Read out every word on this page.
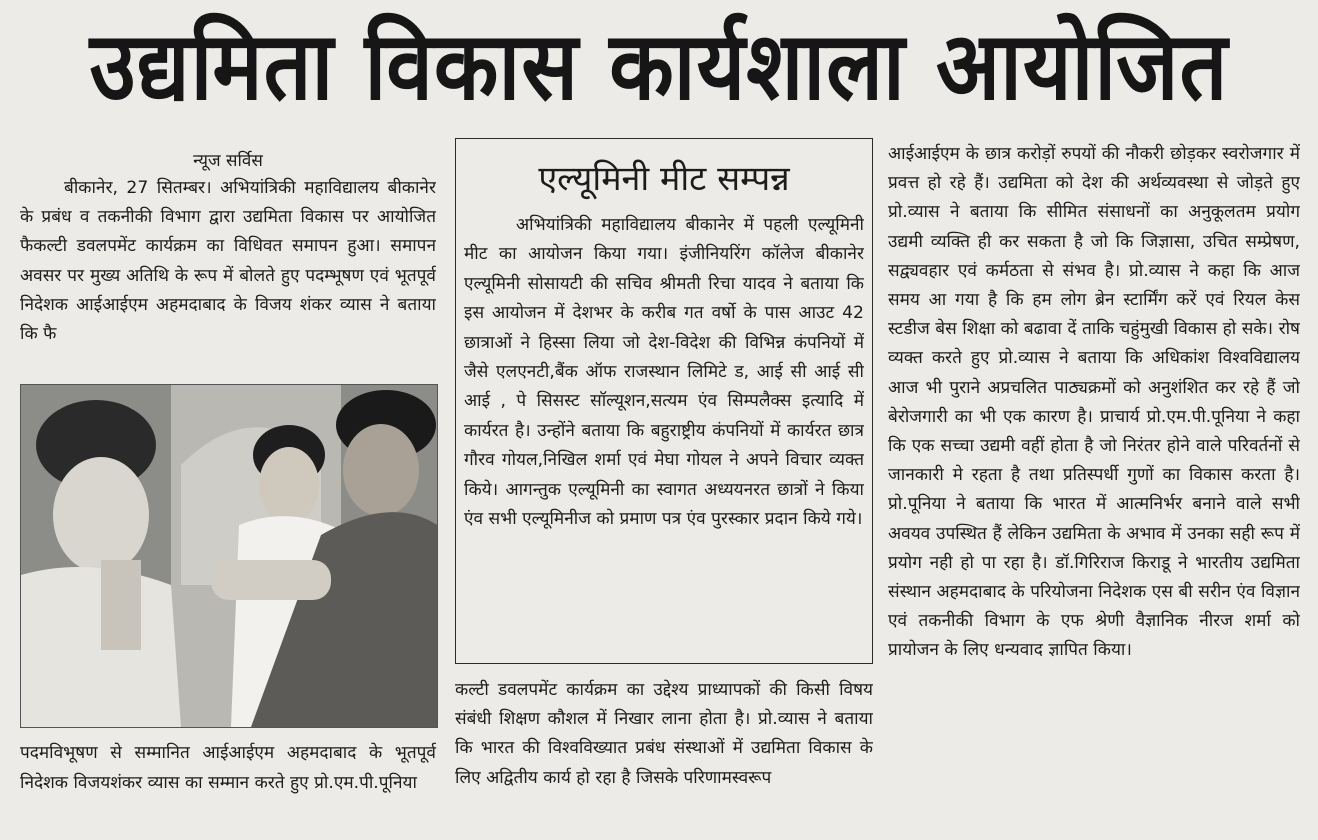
उद्यमिता विकास कार्यशाला आयोजित
न्यूज सर्विस
बीकानेर, 27 सितम्बर। अभियांत्रिकी महाविद्यालय बीकानेर के प्रबंध व तकनीकी विभाग द्वारा उद्यमिता विकास पर आयोजित फैकल्टी डवलपमेंट कार्यक्रम का विधिवत समापन हुआ। समापन अवसर पर मुख्य अतिथि के रूप में बोलते हुए पदम्भूषण एवं भूतपूर्व निदेशक आईआईएम अहमदाबाद के विजय शंकर व्यास ने बताया कि फै
पदमविभूषण से सम्मानित आईआईएम अहमदाबाद के भूतपूर्व निदेशक विजयशंकर व्यास का सम्मान करते हुए प्रो.एम.पी.पूनिया
एल्यूमिनी मीट सम्पन्न
अभियांत्रिकी महाविद्यालय बीकानेर में पहली एल्यूमिनी मीट का आयोजन किया गया। इंजीनियरिंग कॉलेज बीकानेर एल्यूमिनी सोसायटी की सचिव श्रीमती रिचा यादव ने बताया कि इस आयोजन में देशभर के करीब गत वर्षो के पास आउट 42 छात्राओं ने हिस्सा लिया जो देश-विदेश की विभिन्न कंपनियों में जैसे एलएनटी,बैंक ऑफ राजस्थान लिमिटे ड, आई सी आई सी आई , पे सिसस्ट सॉल्यूशन,सत्यम एंव सिम्पलैक्स इत्यादि में कार्यरत है। उन्होंने बताया कि बहुराष्ट्रीय कंपनियों में कार्यरत छात्र गौरव गोयल,निखिल शर्मा एवं मेघा गोयल ने अपने विचार व्यक्त किये। आगन्तुक एल्यूमिनी का स्वागत अध्ययनरत छात्रों ने किया एंव सभी एल्यूमिनीज को प्रमाण पत्र एंव पुरस्कार प्रदान किये गये।
कल्टी डवलपमेंट कार्यक्रम का उद्देश्य प्राध्यापकों की किसी विषय संबंधी शिक्षण कौशल में निखार लाना होता है। प्रो.व्यास ने बताया कि भारत की विश्वविख्यात प्रबंध संस्थाओं में उद्यमिता विकास के लिए अद्वितीय कार्य हो रहा है जिसके परिणामस्वरूप
आईआईएम के छात्र करोड़ों रुपयों की नौकरी छोड़कर स्वरोजगार में प्रवत्त हो रहे हैं। उद्यमिता को देश की अर्थव्यवस्था से जोड़ते हुए प्रो.व्यास ने बताया कि सीमित संसाधनों का अनुकूलतम प्रयोग उद्यमी व्यक्ति ही कर सकता है जो कि जिज्ञासा, उचित सम्प्रेषण, सद्व्यवहार एवं कर्मठता से संभव है। प्रो.व्यास ने कहा कि आज समय आ गया है कि हम लोग ब्रेन स्टार्मिंग करें एवं रियल केस स्टडीज बेस शिक्षा को बढावा दें ताकि चहुंमुखी विकास हो सके। रोष व्यक्त करते हुए प्रो.व्यास ने बताया कि अधिकांश विश्वविद्यालय आज भी पुराने अप्रचलित पाठ्यक्रमों को अनुशंशित कर रहे हैं जो बेरोजगारी का भी एक कारण है। प्राचार्य प्रो.एम.पी.पूनिया ने कहा कि एक सच्चा उद्यमी वहीं होता है जो निरंतर होने वाले परिवर्तनों से जानकारी मे रहता है तथा प्रतिस्पर्धी गुणों का विकास करता है। प्रो.पूनिया ने बताया कि भारत में आत्मनिर्भर बनाने वाले सभी अवयव उपस्थित हैं लेकिन उद्यमिता के अभाव में उनका सही रूप में प्रयोग नही हो पा रहा है। डॉ.गिरिराज किराडू ने भारतीय उद्यमिता संस्थान अहमदाबाद के परियोजना निदेशक एस बी सरीन एंव विज्ञान एवं तकनीकी विभाग के एफ श्रेणी वैज्ञानिक नीरज शर्मा को प्रायोजन के लिए धन्यवाद ज्ञापित किया।
